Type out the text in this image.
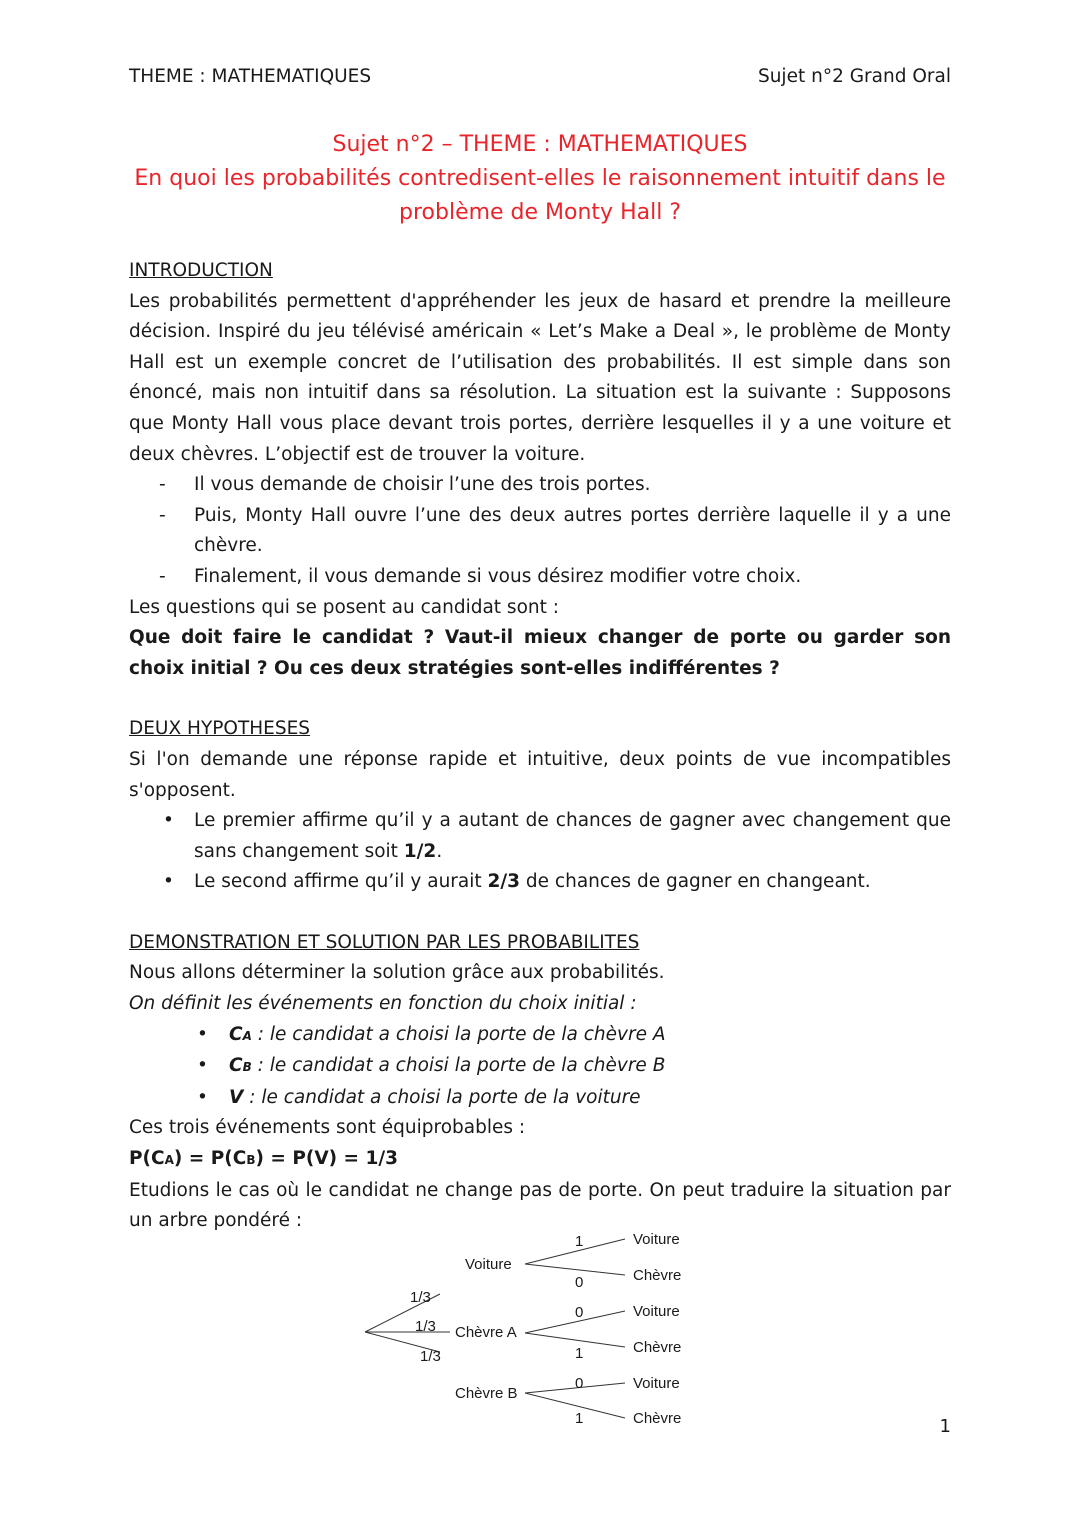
THEME : MATHEMATIQUES	Sujet n°2 Grand Oral
Sujet n°2 – THEME : MATHEMATIQUES
En quoi les probabilités contredisent-elles le raisonnement intuitif dans le
problème de Monty Hall ?
INTRODUCTION
Les probabilités permettent d'appréhender les jeux de hasard et prendre la meilleure décision. Inspiré du jeu télévisé américain « Let’s Make a Deal », le problème de Monty Hall est un exemple concret de l’utilisation des probabilités. Il est simple dans son énoncé, mais non intuitif dans sa résolution. La situation est la suivante : Supposons que Monty Hall vous place devant trois portes, derrière lesquelles il y a une voiture et deux chèvres. L’objectif est de trouver la voiture.
- Il vous demande de choisir l’une des trois portes.
- Puis, Monty Hall ouvre l’une des deux autres portes derrière laquelle il y a une chèvre.
- Finalement, il vous demande si vous désirez modifier votre choix.
Les questions qui se posent au candidat sont :
Que doit faire le candidat ? Vaut-il mieux changer de porte ou garder son choix initial ? Ou ces deux stratégies sont-elles indifférentes ?
DEUX HYPOTHESES
Si l'on demande une réponse rapide et intuitive, deux points de vue incompatibles s'opposent.
• Le premier affirme qu’il y a autant de chances de gagner avec changement que sans changement soit 1/2.
• Le second affirme qu’il y aurait 2/3 de chances de gagner en changeant.
DEMONSTRATION ET SOLUTION PAR LES PROBABILITES
Nous allons déterminer la solution grâce aux probabilités.
On définit les événements en fonction du choix initial :
• CA : le candidat a choisi la porte de la chèvre A
• CB : le candidat a choisi la porte de la chèvre B
• V : le candidat a choisi la porte de la voiture
Ces trois événements sont équiprobables :
P(CA) = P(CB) = P(V) = 1/3
Etudions le cas où le candidat ne change pas de porte. On peut traduire la situation par un arbre pondéré :
Voiture
Chèvre A
Chèvre B
1/3
1/3
1/3
1
0
0
1
0
1
Voiture
Chèvre
Voiture
Chèvre
Voiture
Chèvre	1
